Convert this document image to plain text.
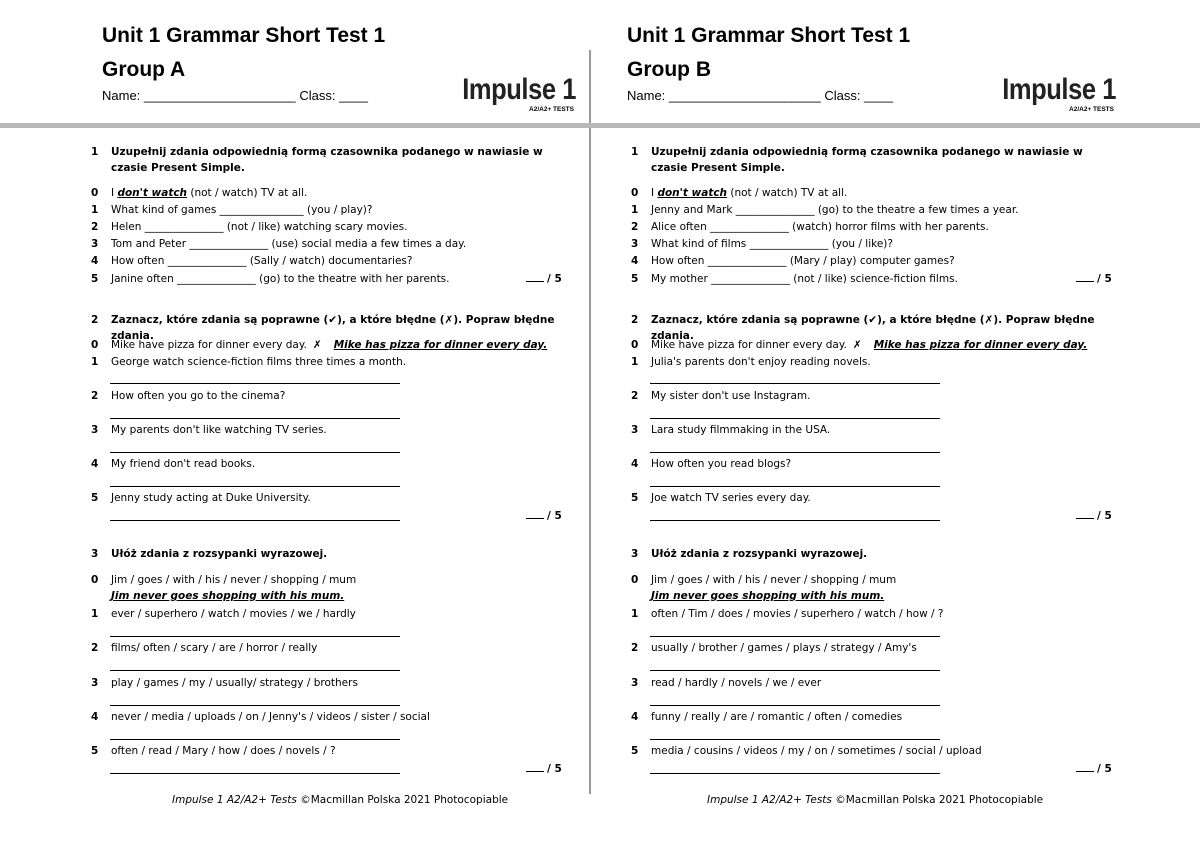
Unit 1 Grammar Short Test 1
Group A
Name: _____________________ Class: ____	Impulse 1
A2/A2+ TESTS
1 Uzupełnij zdania odpowiednią formą czasownika podanego w nawiasie w czasie Present Simple.
0 I don't watch (not / watch) TV at all.
1 What kind of games ________________ (you / play)?
2 Helen _______________ (not / like) watching scary movies.
3 Tom and Peter _______________ (use) social media a few times a day.
4 How often _______________ (Sally / watch) documentaries?
5 Janine often _______________ (go) to the theatre with her parents.	/ 5
2 Zaznacz, które zdania są poprawne (✔), a które błędne (✗). Popraw błędne zdania.
0 Mike have pizza for dinner every day. ✗ Mike has pizza for dinner every day.
1 George watch science-fiction films three times a month.
2 How often you go to the cinema?
3 My parents don't like watching TV series.
4 My friend don't read books.
5 Jenny study acting at Duke University.
/ 5
3 Ułóż zdania z rozsypanki wyrazowej.
0 Jim / goes / with / his / never / shopping / mum
Jim never goes shopping with his mum.
1 ever / superhero / watch / movies / we / hardly
2 films/ often / scary / are / horror / really
3 play / games / my / usually/ strategy / brothers
4 never / media / uploads / on / Jenny's / videos / sister / social
5 often / read / Mary / how / does / novels / ?
/ 5
Impulse 1 A2/A2+ Tests ©Macmillan Polska 2021 Photocopiable
Unit 1 Grammar Short Test 1
Group B
Name: _____________________ Class: ____	Impulse 1
A2/A2+ TESTS
1 Uzupełnij zdania odpowiednią formą czasownika podanego w nawiasie w czasie Present Simple.
0 I don't watch (not / watch) TV at all.
1 Jenny and Mark _______________ (go) to the theatre a few times a year.
2 Alice often _______________ (watch) horror films with her parents.
3 What kind of films _______________ (you / like)?
4 How often _______________ (Mary / play) computer games?
5 My mother _______________ (not / like) science-fiction films.	/ 5
2 Zaznacz, które zdania są poprawne (✔), a które błędne (✗). Popraw błędne zdania.
0 Mike have pizza for dinner every day. ✗ Mike has pizza for dinner every day.
1 Julia's parents don't enjoy reading novels.
2 My sister don't use Instagram.
3 Lara study filmmaking in the USA.
4 How often you read blogs?
5 Joe watch TV series every day.
/ 5
3 Ułóż zdania z rozsypanki wyrazowej.
0 Jim / goes / with / his / never / shopping / mum
Jim never goes shopping with his mum.
1 often / Tim / does / movies / superhero / watch / how / ?
2 usually / brother / games / plays / strategy / Amy's
3 read / hardly / novels / we / ever
4 funny / really / are / romantic / often / comedies
5 media / cousins / videos / my / on / sometimes / social / upload
/ 5
Impulse 1 A2/A2+ Tests ©Macmillan Polska 2021 Photocopiable
